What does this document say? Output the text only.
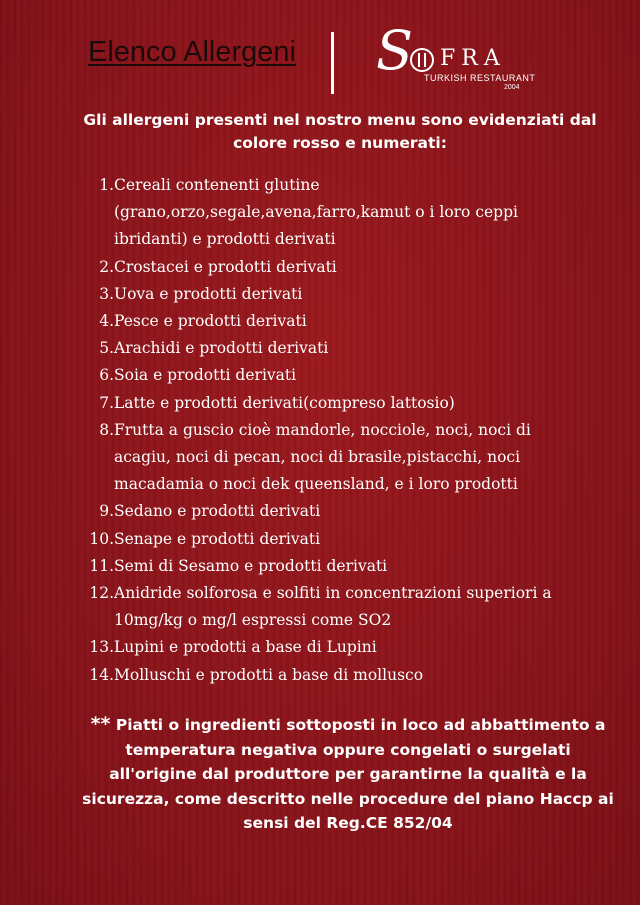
Elenco Allergeni S FRA
TURKISH RESTAURANT
2004
Gli allergeni presenti nel nostro menu sono evidenziati dal colore rosso e numerati:
1. Cereali contenenti glutine
(grano,orzo,segale,avena,farro,kamut o i loro ceppi
ibridanti) e prodotti derivati
2. Crostacei e prodotti derivati
3. Uova e prodotti derivati
4. Pesce e prodotti derivati
5. Arachidi e prodotti derivati
6. Soia e prodotti derivati
7. Latte e prodotti derivati(compreso lattosio)
8. Frutta a guscio cioè mandorle, nocciole, noci, noci di
acagiu, noci di pecan, noci di brasile,pistacchi, noci
macadamia o noci dek queensland, e i loro prodotti
9. Sedano e prodotti derivati
10. Senape e prodotti derivati
11. Semi di Sesamo e prodotti derivati
12. Anidride solforosa e solfiti in concentrazioni superiori a
10mg/kg o mg/l espressi come SO2
13. Lupini e prodotti a base di Lupini
14. Molluschi e prodotti a base di mollusco
** Piatti o ingredienti sottoposti in loco ad abbattimento a temperatura negativa oppure congelati o surgelati all'origine dal produttore per garantirne la qualità e la sicurezza, come descritto nelle procedure del piano Haccp ai sensi del Reg.CE 852/04
